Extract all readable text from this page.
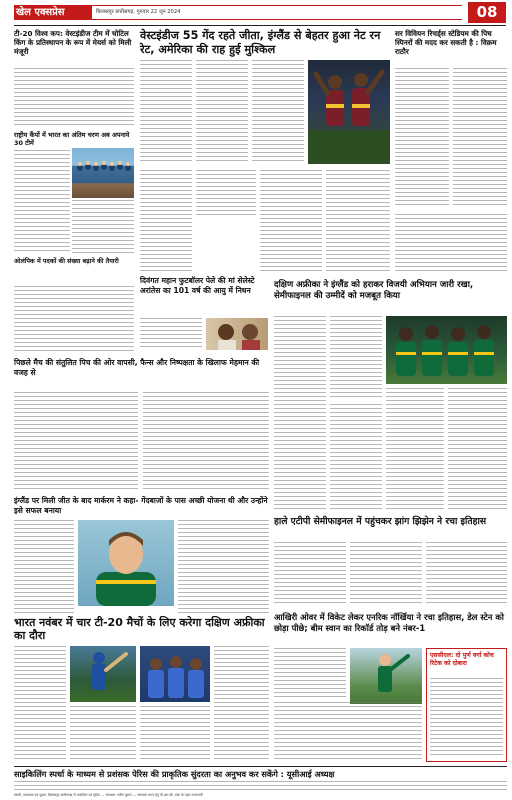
खेल एक्सप्रेस	बिलासपुर छत्तीसगढ़, गुरुवार 22 जून 2024	08
टी-20 विश्व कप: वेस्टइंडीज टीम में चोटिल किंग के प्रतिस्थापन के रूप में मेयर्स को मिली मंजूरी
राष्ट्रीय कैंपों में भारत का अंतिम चरण अब अपनाये 30 टीमें
ओलंपिक में पदकों की संख्या बढ़ाने की तैयारी
पिछले मैच की संतुलित पिच की ओर वापसी, फैन्स और निष्पक्षता के खिलाफ मेहमान की वजह से
वेस्टइंडीज 55 गेंद रहते जीता, इंग्लैंड से बेहतर हुआ नेट रन रेट, अमेरिका की राह हुई मुश्किल
दिवंगत महान फुटबॉलर पेले की मां सेलेस्टे अरांतेस का 101 वर्ष की आयु में निधन
सर विवियन रिचर्ड्स स्टेडियम की पिच स्पिनरों की मदद कर सकती है : विक्रम राठौर
दक्षिण अफ्रीका ने इंग्लैंड को हराकर विजयी अभियान जारी रखा, सेमीफाइनल की उम्मीदें को मजबूत किया
इंग्लैंड पर मिली जीत के बाद मार्करम ने कहा- गेंदबाजों के पास अच्छी योजना थी और उन्होंने इसे सफल बनाया
हाले एटीपी सेमीफाइनल में पहुंचकर झांग झिझेन ने रचा इतिहास
भारत नवंबर में चार टी-20 मैचों के लिए करेगा दक्षिण अफ्रीका का दौरा
आखिरी ओवर में विकेट लेकर एनरिक नॉर्खिया ने रचा इतिहास, डेल स्टेन को छोड़ा पीछे; बीम स्वान का रिकॉर्ड तोड़ बने नंबर-1
एससीएल: दो पुर्ण वर्गा कोच रिटेक को दोबारा
साइकिलिंग स्पर्धा के माध्यम से प्रशंसक पेरिस की प्राकृतिक सुंदरता का अनुभव कर सकेंगे : यूसीआई अध्यक्ष
स्वामी, प्रकाशक एवं मुद्रक: बिलासपुर छत्तीसगढ़ से प्रकाशित एवं मुद्रित — संपादक: नवीन कुमार — समाचार चयन हेतु पी.आर.बी. एक्ट के तहत उत्तरदायी
